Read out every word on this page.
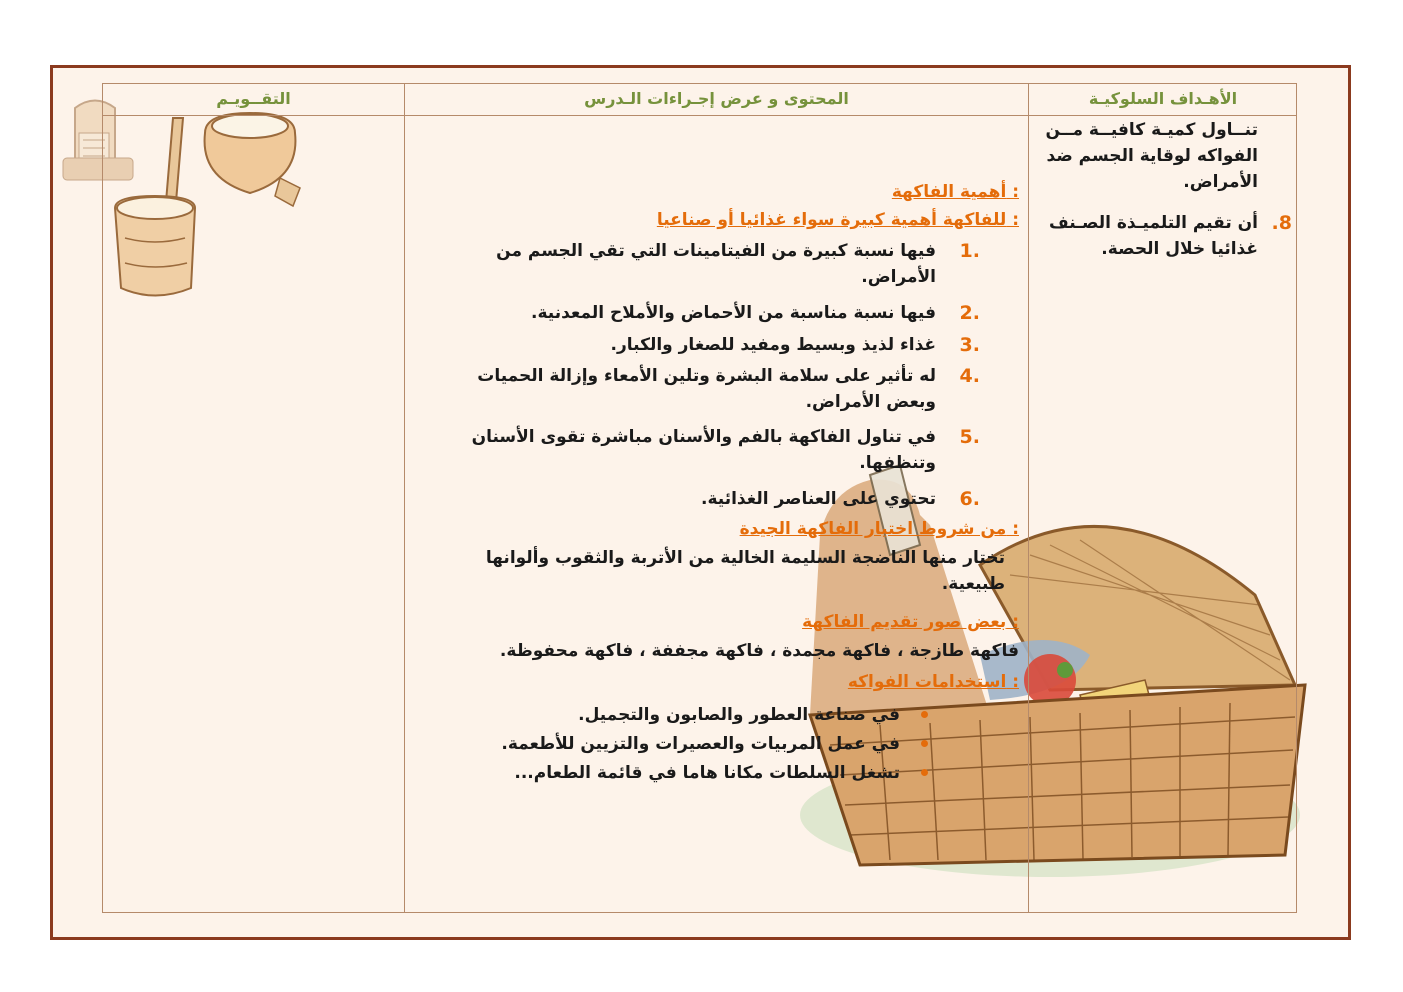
الأهـداف السلوكيـة
المحتوى و عرض إجـراءات الـدرس
التقــويـم
تنــاول كميـة كافيــة مــن الفواكه لوقاية الجسم ضد الأمراض.
8.
أن تقيم التلميـذة الصـنف غذائيا خلال الحصة.
أهمية الفاكهة :
للفاكهة أهمية كبيرة سواء غذائيا أو صناعيا :
.1
فيها نسبة كبيرة من الفيتامينات التي تقي الجسم من الأمراض.
.2
فيها نسبة مناسبة من الأحماض والأملاح المعدنية.
.3
غذاء لذيذ وبسيط ومفيد للصغار والكبار.
.4
له تأثير على سلامة البشرة وتلين الأمعاء وإزالة الحميات وبعض الأمراض.
.5
في تناول الفاكهة بالفم والأسنان مباشرة تقوى الأسنان وتنظفها.
.6
تحتوي على العناصر الغذائية.
من شروط اختيار الفاكهة الجيدة :
تختار منها الناضجة السليمة الخالية من الأتربة والثقوب وألوانها طبيعية.
بعض صور تقديم الفاكهة :
فاكهة طازجة ، فاكهة مجمدة ، فاكهة مجففة ، فاكهة محفوظة.
استخدامات الفواكه :
في صناعة العطور والصابون والتجميل.
في عمل المربيات والعصيرات والتزيين للأطعمة.
تشغل السلطات مكانا هاما في قائمة الطعام...
